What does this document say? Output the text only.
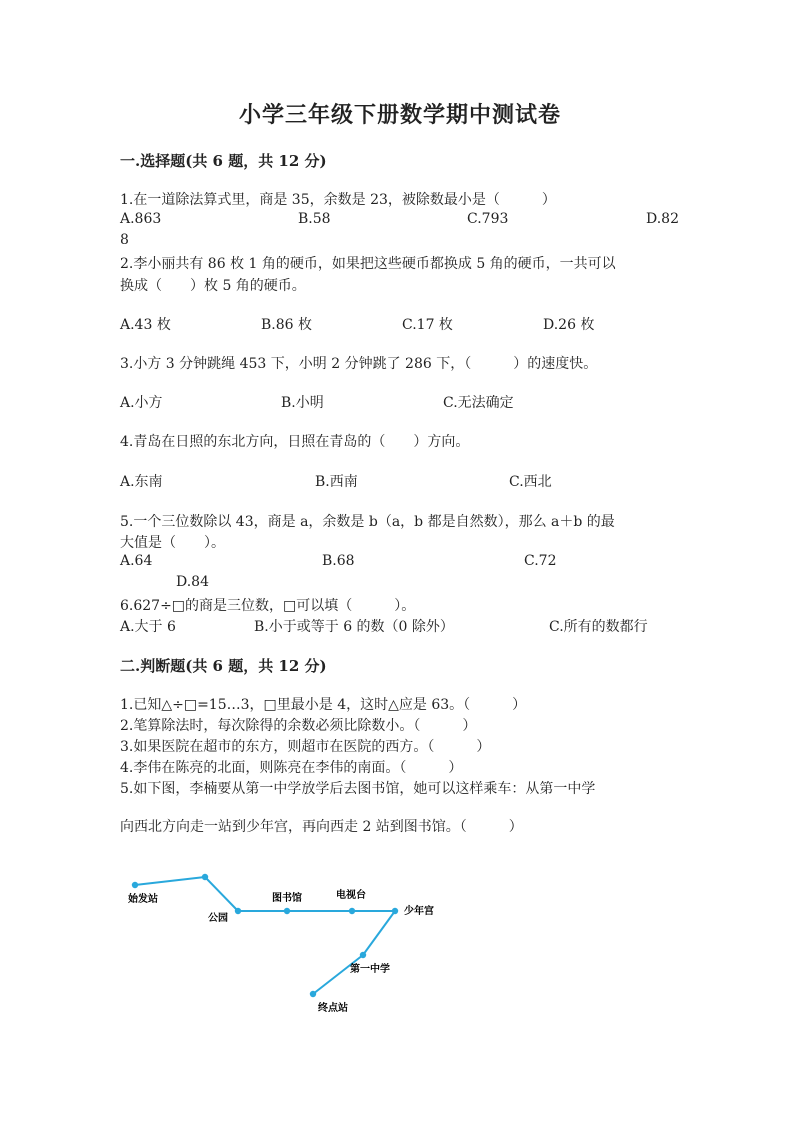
小学三年级下册数学期中测试卷
一.选择题(共 6 题，共 12 分)
1.在一道除法算式里，商是 35，余数是 23，被除数最小是（　　　）
A.863	B.58	C.793	D.82
8
2.李小丽共有 86 枚 1 角的硬币，如果把这些硬币都换成 5 角的硬币，一共可以
换成（　　）枚 5 角的硬币。
A.43 枚	B.86 枚	C.17 枚	D.26 枚
3.小方 3 分钟跳绳 453 下，小明 2 分钟跳了 286 下，（　　　）的速度快。
A.小方	B.小明	C.无法确定
4.青岛在日照的东北方向，日照在青岛的（　　）方向。
A.东南	B.西南	C.西北
5.一个三位数除以 43，商是 a，余数是 b（a，b 都是自然数），那么 a＋b 的最
大值是（　　）。
A.64	B.68	C.72
D.84
6.627÷□的商是三位数，□可以填（　　　）。
A.大于 6	B.小于或等于 6 的数（0 除外）	C.所有的数都行
二.判断题(共 6 题，共 12 分)
1.已知△÷□=15…3，□里最小是 4，这时△应是 63。（　　　）
2.笔算除法时，每次除得的余数必须比除数小。（　　　）
3.如果医院在超市的东方，则超市在医院的西方。（　　　）
4.李伟在陈亮的北面，则陈亮在李伟的南面。（　　　）
5.如下图，李楠要从第一中学放学后去图书馆，她可以这样乘车：从第一中学
向西北方向走一站到少年宫，再向西走 2 站到图书馆。（　　　）
始发站
公园
图书馆	电视台
少年宫
第一中学
终点站
